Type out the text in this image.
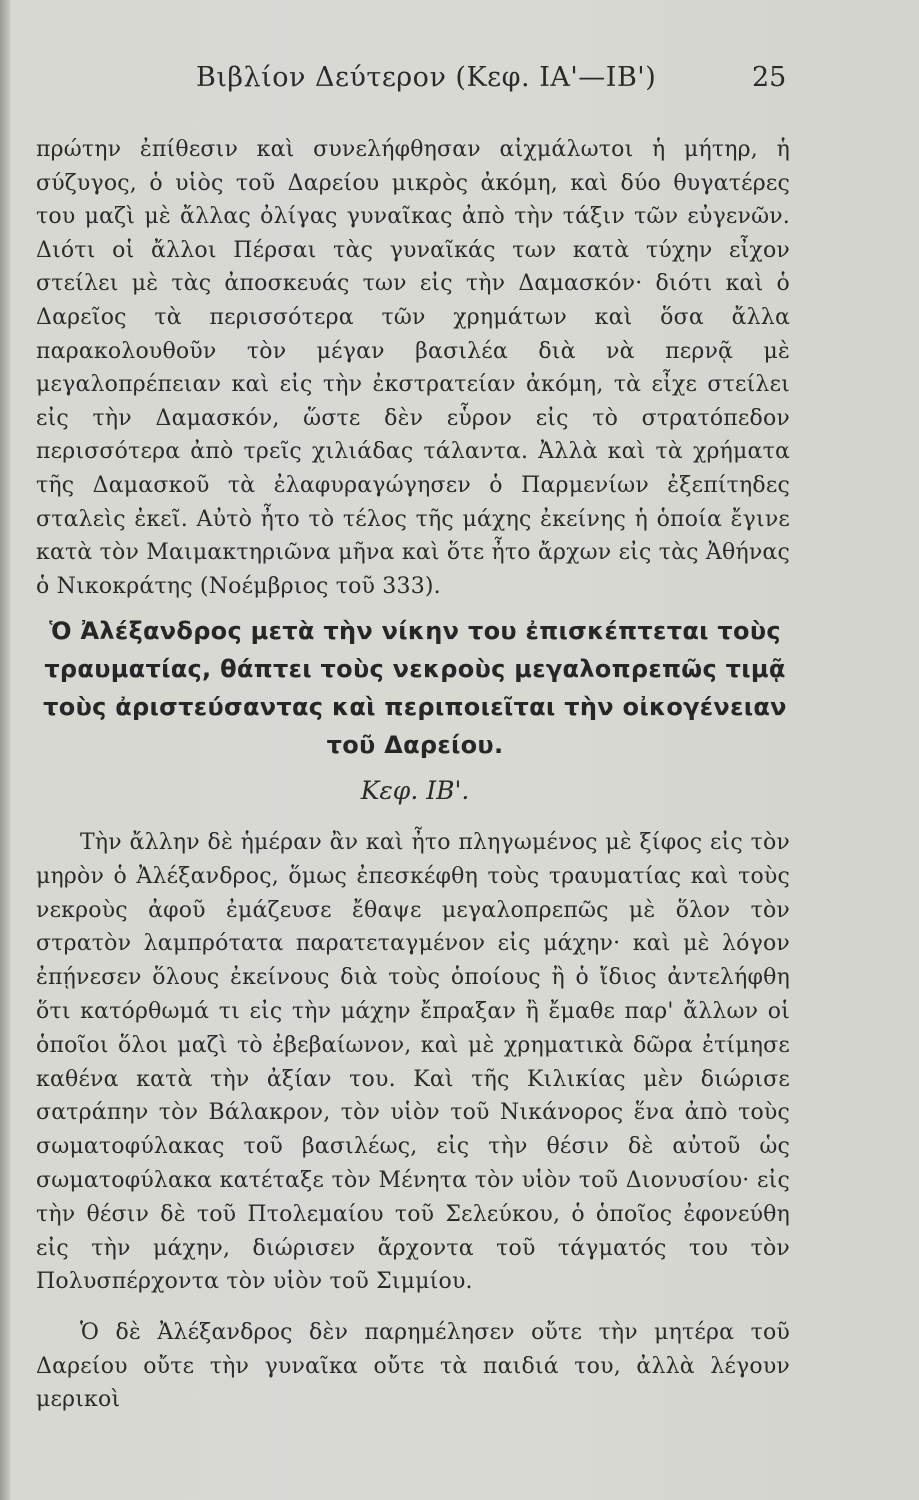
Βιβλίον Δεύτερον (Κεφ. ΙΑ'—ΙΒ')	25

πρώτην ἐπίθεσιν καὶ συνελήφθησαν αἰχμάλωτοι ἡ μήτηρ, ἡ σύζυγος, ὁ υἱὸς τοῦ Δαρείου μικρὸς ἀκόμη, καὶ δύο θυγατέρες του μαζὶ μὲ ἄλλας ὀλίγας γυναῖκας ἀπὸ τὴν τάξιν τῶν εὐγενῶν. Διότι οἱ ἄλλοι Πέρσαι τὰς γυναῖκάς των κατὰ τύχην εἶχον στείλει μὲ τὰς ἀποσκευάς των εἰς τὴν Δαμασκόν· διότι καὶ ὁ Δαρεῖος τὰ περισσότερα τῶν χρημάτων καὶ ὅσα ἄλλα παρακολουθοῦν τὸν μέγαν βασιλέα διὰ νὰ περνᾷ μὲ μεγαλοπρέπειαν καὶ εἰς τὴν ἐκστρατείαν ἀκόμη, τὰ εἶχε στείλει εἰς τὴν Δαμασκόν, ὥστε δὲν εὗρον εἰς τὸ στρατόπεδον περισσότερα ἀπὸ τρεῖς χιλιάδας τάλαντα. Ἀλλὰ καὶ τὰ χρήματα τῆς Δαμασκοῦ τὰ ἐλαφυραγώγησεν ὁ Παρμενίων ἐξεπίτηδες σταλεὶς ἐκεῖ. Αὐτὸ ἦτο τὸ τέλος τῆς μάχης ἐκείνης ἡ ὁποία ἔγινε κατὰ τὸν Μαιμακτηριῶνα μῆνα καὶ ὅτε ἦτο ἄρχων εἰς τὰς Ἀθήνας ὁ Νικοκράτης (Νοέμβριος τοῦ 333).

Ὁ Ἀλέξανδρος μετὰ τὴν νίκην του ἐπισκέπτεται τοὺς τραυματίας, θάπτει τοὺς νεκροὺς μεγαλοπρεπῶς τιμᾷ τοὺς ἀριστεύσαντας καὶ περιποιεῖται τὴν οἰκογένειαν τοῦ Δαρείου.
Κεφ. ΙΒ'.

Τὴν ἄλλην δὲ ἡμέραν ἂν καὶ ἦτο πληγωμένος μὲ ξίφος εἰς τὸν μηρὸν ὁ Ἀλέξανδρος, ὅμως ἐπεσκέφθη τοὺς τραυματίας καὶ τοὺς νεκροὺς ἀφοῦ ἐμάζευσε ἔθαψε μεγαλοπρεπῶς μὲ ὅλον τὸν στρατὸν λαμπρότατα παρατεταγμένον εἰς μάχην· καὶ μὲ λόγον ἐπῄνεσεν ὅλους ἐκείνους διὰ τοὺς ὁποίους ἢ ὁ ἴδιος ἀντελήφθη ὅτι κατόρθωμά τι εἰς τὴν μάχην ἔπραξαν ἢ ἔμαθε παρ' ἄλλων οἱ ὁποῖοι ὅλοι μαζὶ τὸ ἐβεβαίωνον, καὶ μὲ χρηματικὰ δῶρα ἐτίμησε καθένα κατὰ τὴν ἀξίαν του. Καὶ τῆς Κιλικίας μὲν διώρισε σατράπην τὸν Βάλακρον, τὸν υἱὸν τοῦ Νικάνορος ἕνα ἀπὸ τοὺς σωματοφύλακας τοῦ βασιλέως, εἰς τὴν θέσιν δὲ αὐτοῦ ὡς σωματοφύλακα κατέταξε τὸν Μένητα τὸν υἱὸν τοῦ Διονυσίου· εἰς τὴν θέσιν δὲ τοῦ Πτολεμαίου τοῦ Σελεύκου, ὁ ὁποῖος ἐφονεύθη εἰς τὴν μάχην, διώρισεν ἄρχοντα τοῦ τάγματός του τὸν Πολυσπέρχοντα τὸν υἱὸν τοῦ Σιμμίου.

Ὁ δὲ Ἀλέξανδρος δὲν παρημέλησεν οὔτε τὴν μητέρα τοῦ Δαρείου οὔτε τὴν γυναῖκα οὔτε τὰ παιδιά του, ἀλλὰ λέγουν μερικοὶ
